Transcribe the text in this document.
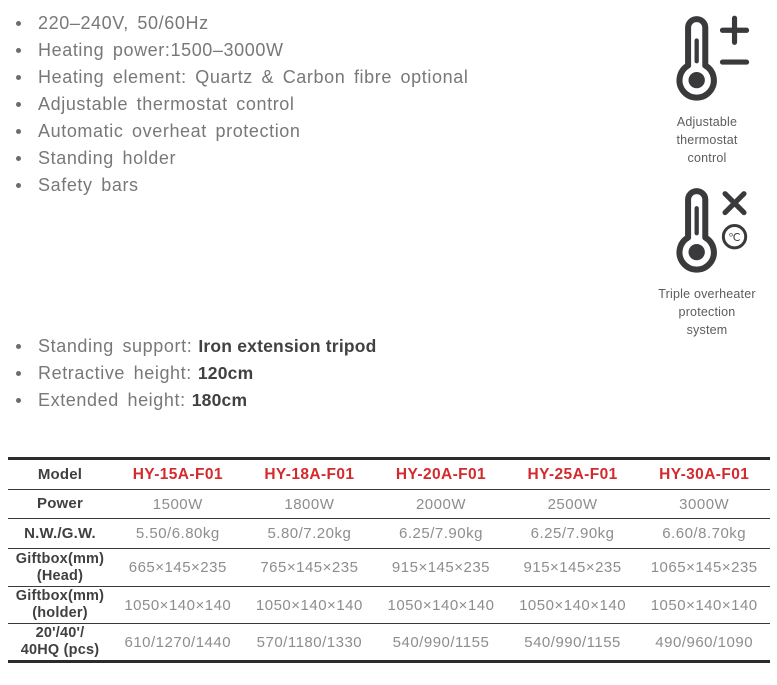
220–240V, 50/60Hz
Heating power:1500–3000W
Heating element: Quartz & Carbon fibre optional
Adjustable thermostat control
Automatic overheat protection
Standing holder
Safety bars
Adjustable
thermostat
control
℃
Triple overheater
protection
system
Standing support: Iron extension tripod
Retractive height: 120cm
Extended height: 180cm
Model	HY-15A-F01	HY-18A-F01	HY-20A-F01	HY-25A-F01	HY-30A-F01

Power	1500W	1800W	2000W	2500W	3000W

N.W./G.W.	5.50/6.80kg	5.80/7.20kg	6.25/7.90kg	6.25/7.90kg	6.60/8.70kg

Giftbox(mm)
(Head)	665×145×235	765×145×235	915×145×235	915×145×235	1065×145×235

Giftbox(mm)
(holder)	1050×140×140	1050×140×140	1050×140×140	1050×140×140	1050×140×140

20'/40'/
40HQ (pcs)	610/1270/1440	570/1180/1330	540/990/1155	540/990/1155	490/960/1090
